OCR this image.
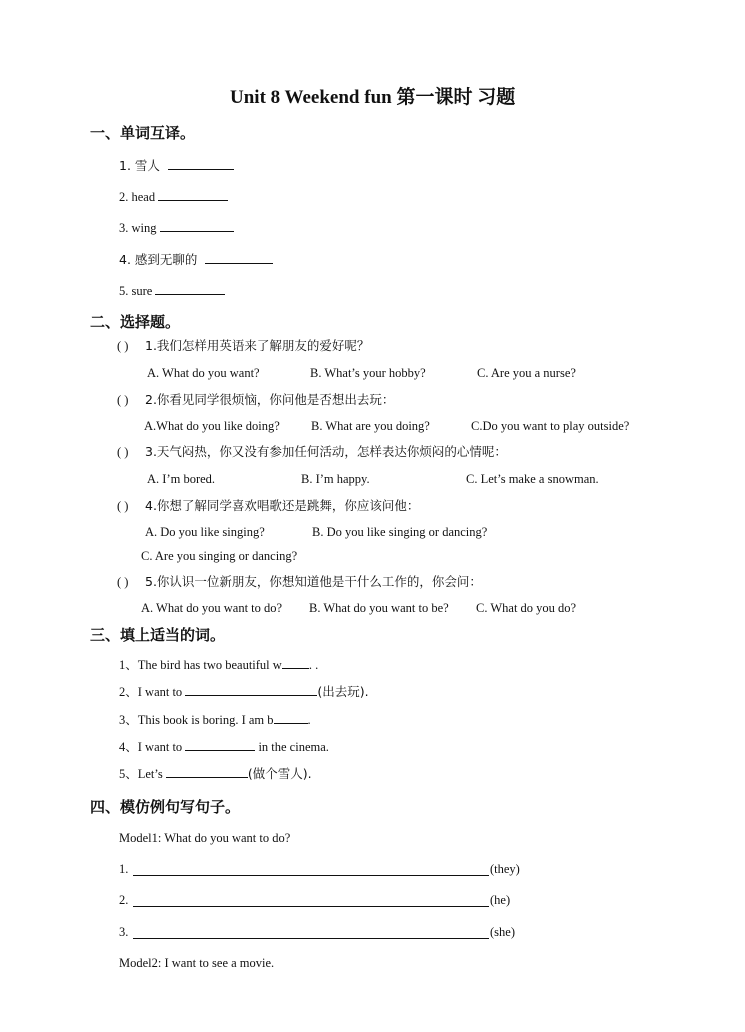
Unit 8 Weekend fun 第一课时 习题
一、单词互译。
1. 雪人
2. head
3. wing
4. 感到无聊的
5. sure
二、选择题。
( ) 1.我们怎样用英语来了解朋友的爱好呢？
A. What do you want?	B. What’s your hobby?	C. Are you a nurse?
( ) 2.你看见同学很烦恼，你问他是否想出去玩：
A.What do you like doing?	B. What are you doing?	C.Do you want to play outside?
( ) 3.天气闷热，你又没有参加任何活动，怎样表达你烦闷的心情呢：
A. I’m bored.	B. I’m happy.	C. Let’s make a snowman.
( ) 4.你想了解同学喜欢唱歌还是跳舞，你应该问他：
A. Do you like singing?	B. Do you like singing or dancing?
C. Are you singing or dancing?
( ) 5.你认识一位新朋友，你想知道他是干什么工作的，你会问：
A. What do you want to do? B. What do you want to be? C. What do you do?
三、填上适当的词。
1、The bird has two beautiful w . .
2、I want to	(出去玩).
3、This book is boring. I am b	.
4、I want to	in the cinema.
5、Let’s	(做个雪人).
四、模仿例句写句子。
Model1: What do you want to do?
1.	(they)
2.	(he)
3.	(she)
Model2: I want to see a movie.
